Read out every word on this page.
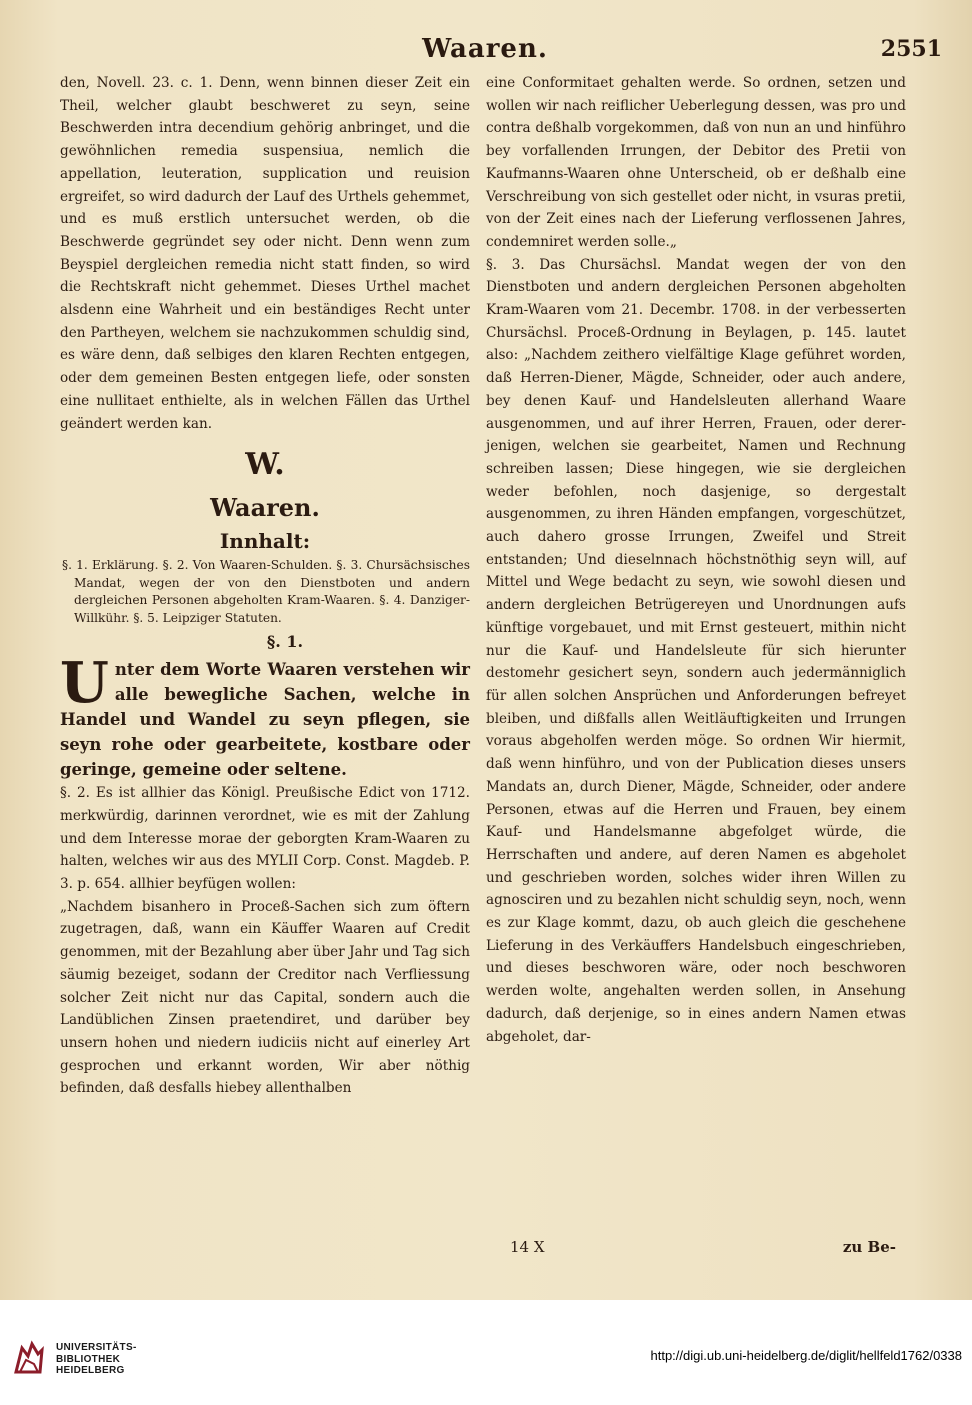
Waaren.	2551

den, Novell. 23. c. 1. Denn, wenn binnen dieser Zeit ein Theil, welcher glaubt beschweret zu seyn, seine Beschwerden intra decendium gehörig anbringet, und die gewöhnlichen remedia suspensiua, nemlich die appellation, leuteration, supplication und reuision ergreifet, so wird dadurch der Lauf des Urthels gehemmet, und es muß erstlich untersuchet werden, ob die Beschwerde gegründet sey oder nicht. Denn wenn zum Beyspiel dergleichen remedia nicht statt finden, so wird die Rechtskraft nicht gehemmet. Dieses Urthel machet alsdenn eine Wahrheit und ein beständiges Recht unter den Partheyen, welchem sie nachzukommen schuldig sind, es wäre denn, daß selbiges den klaren Rechten entgegen, oder dem gemeinen Besten entgegen liefe, oder sonsten eine nullitaet enthielte, als in welchen Fällen das Urthel geändert werden kan.

W.
Waaren.
Innhalt:

§. 1. Erklärung. §. 2. Von Waaren-Schulden. §. 3. Chursächsisches Mandat, wegen der von den Dienstboten und andern dergleichen Personen abgeholten Kram-Waaren. §. 4. Danziger-Willkühr. §. 5. Leipziger Statuten.

§. 1.

Unter dem Worte Waaren verstehen wir alle bewegliche Sachen, welche in Handel und Wandel zu seyn pflegen, sie seyn rohe oder gearbeitete, kostbare oder geringe, gemeine oder seltene.

§. 2. Es ist allhier das Königl. Preußische Edict von 1712. merkwürdig, darinnen verordnet, wie es mit der Zahlung und dem Interesse morae der geborgten Kram-Waaren zu halten, welches wir aus des MYLII Corp. Const. Magdeb. P. 3. p. 654. allhier beyfügen wollen:

„Nachdem bisanhero in Proceß-Sachen sich zum öftern zugetragen, daß, wann ein Käuffer Waaren auf Credit genommen, mit der Bezahlung aber über Jahr und Tag sich säumig bezeiget, sodann der Creditor nach Verfliessung solcher Zeit nicht nur das Capital, sondern auch die Landüblichen Zinsen praetendiret, und darüber bey unsern hohen und niedern iudiciis nicht auf einerley Art gesprochen und erkannt worden, Wir aber nöthig befinden, daß desfalls hiebey allenthalben

eine Conformitaet gehalten werde. So ordnen, setzen und wollen wir nach reiflicher Ueberlegung dessen, was pro und contra deßhalb vorgekommen, daß von nun an und hinführo bey vorfallenden Irrungen, der Debitor des Pretii von Kaufmanns-Waaren ohne Unterscheid, ob er deßhalb eine Verschreibung von sich gestellet oder nicht, in vsuras pretii, von der Zeit eines nach der Lieferung verflossenen Jahres, condemniret werden solle.„

§. 3. Das Chursächsl. Mandat wegen der von den Dienstboten und andern dergleichen Personen abgeholten Kram-Waaren vom 21. Decembr. 1708. in der verbesserten Chursächsl. Proceß-Ordnung in Beylagen, p. 145. lautet also: „Nachdem zeithero vielfältige Klage geführet worden, daß Herren-Diener, Mägde, Schneider, oder auch andere, bey denen Kauf- und Handelsleuten allerhand Waare ausgenommen, und auf ihrer Herren, Frauen, oder derer-jenigen, welchen sie gearbeitet, Namen und Rechnung schreiben lassen; Diese hingegen, wie sie dergleichen weder befohlen, noch dasjenige, so dergestalt ausgenommen, zu ihren Händen empfangen, vorgeschützet, auch dahero grosse Irrungen, Zweifel und Streit entstanden; Und dieselnnach höchstnöthig seyn will, auf Mittel und Wege bedacht zu seyn, wie sowohl diesen und andern dergleichen Betrügereyen und Unordnungen aufs künftige vorgebauet, und mit Ernst gesteuert, mithin nicht nur die Kauf- und Handelsleute für sich hierunter destomehr gesichert seyn, sondern auch jedermänniglich für allen solchen Ansprüchen und Anforderungen befreyet bleiben, und dißfalls allen Weitläuftigkeiten und Irrungen voraus abgeholfen werden möge. So ordnen Wir hiermit, daß wenn hinführo, und von der Publication dieses unsers Mandats an, durch Diener, Mägde, Schneider, oder andere Personen, etwas auf die Herren und Frauen, bey einem Kauf- und Handelsmanne abgefolget würde, die Herrschaften und andere, auf deren Namen es abgeholet und geschrieben worden, solches wider ihren Willen zu agnosciren und zu bezahlen nicht schuldig seyn, noch, wenn es zur Klage kommt, dazu, ob auch gleich die geschehene Lieferung in des Verkäuffers Handelsbuch eingeschrieben, und dieses beschworen wäre, oder noch beschworen werden wolte, angehalten werden sollen, in Ansehung dadurch, daß derjenige, so in eines andern Namen etwas abgeholet, dar-

14 X	zu Be-
UNIVERSITÄTS-
BIBLIOTHEK
HEIDELBERG
http://digi.ub.uni-heidelberg.de/diglit/hellfeld1762/0338
